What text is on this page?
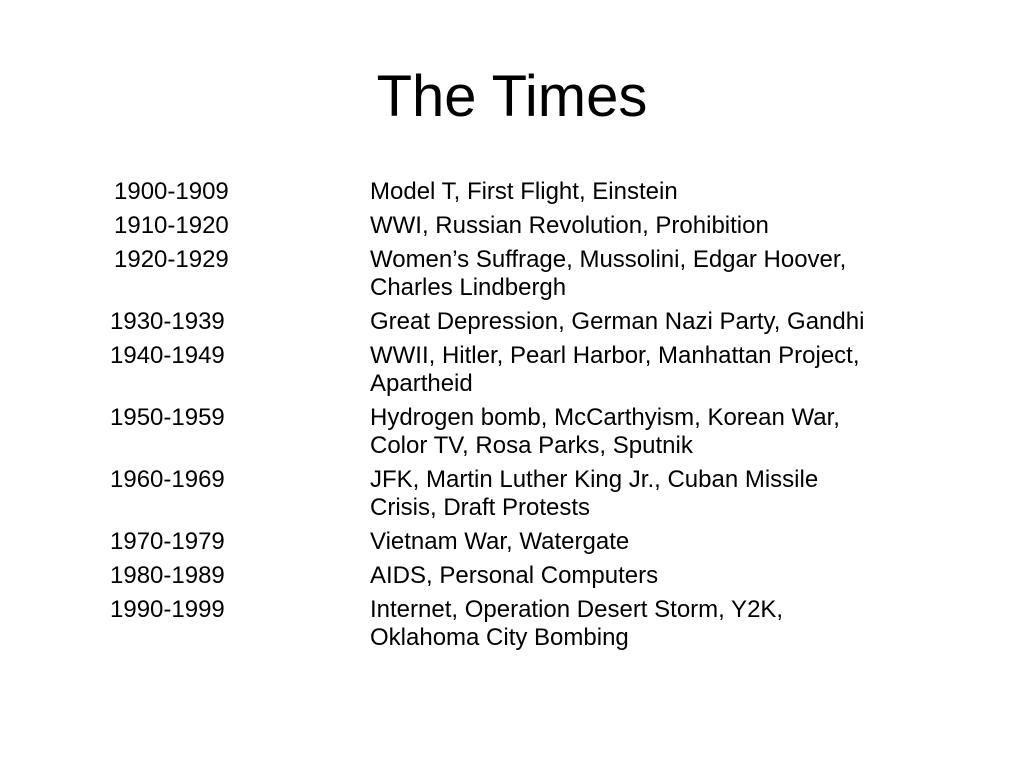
The Times
1900-1909	Model T, First Flight, Einstein
1910-1920	WWI, Russian Revolution, Prohibition
1920-1929	Women’s Suffrage, Mussolini, Edgar Hoover,
Charles Lindbergh
1930-1939	Great Depression, German Nazi Party, Gandhi
1940-1949	WWII, Hitler, Pearl Harbor, Manhattan Project,
Apartheid
1950-1959	Hydrogen bomb, McCarthyism, Korean War,
Color TV, Rosa Parks, Sputnik
1960-1969	JFK, Martin Luther King Jr., Cuban Missile
Crisis, Draft Protests
1970-1979	Vietnam War, Watergate
1980-1989	AIDS, Personal Computers
1990-1999	Internet, Operation Desert Storm, Y2K,
Oklahoma City Bombing
